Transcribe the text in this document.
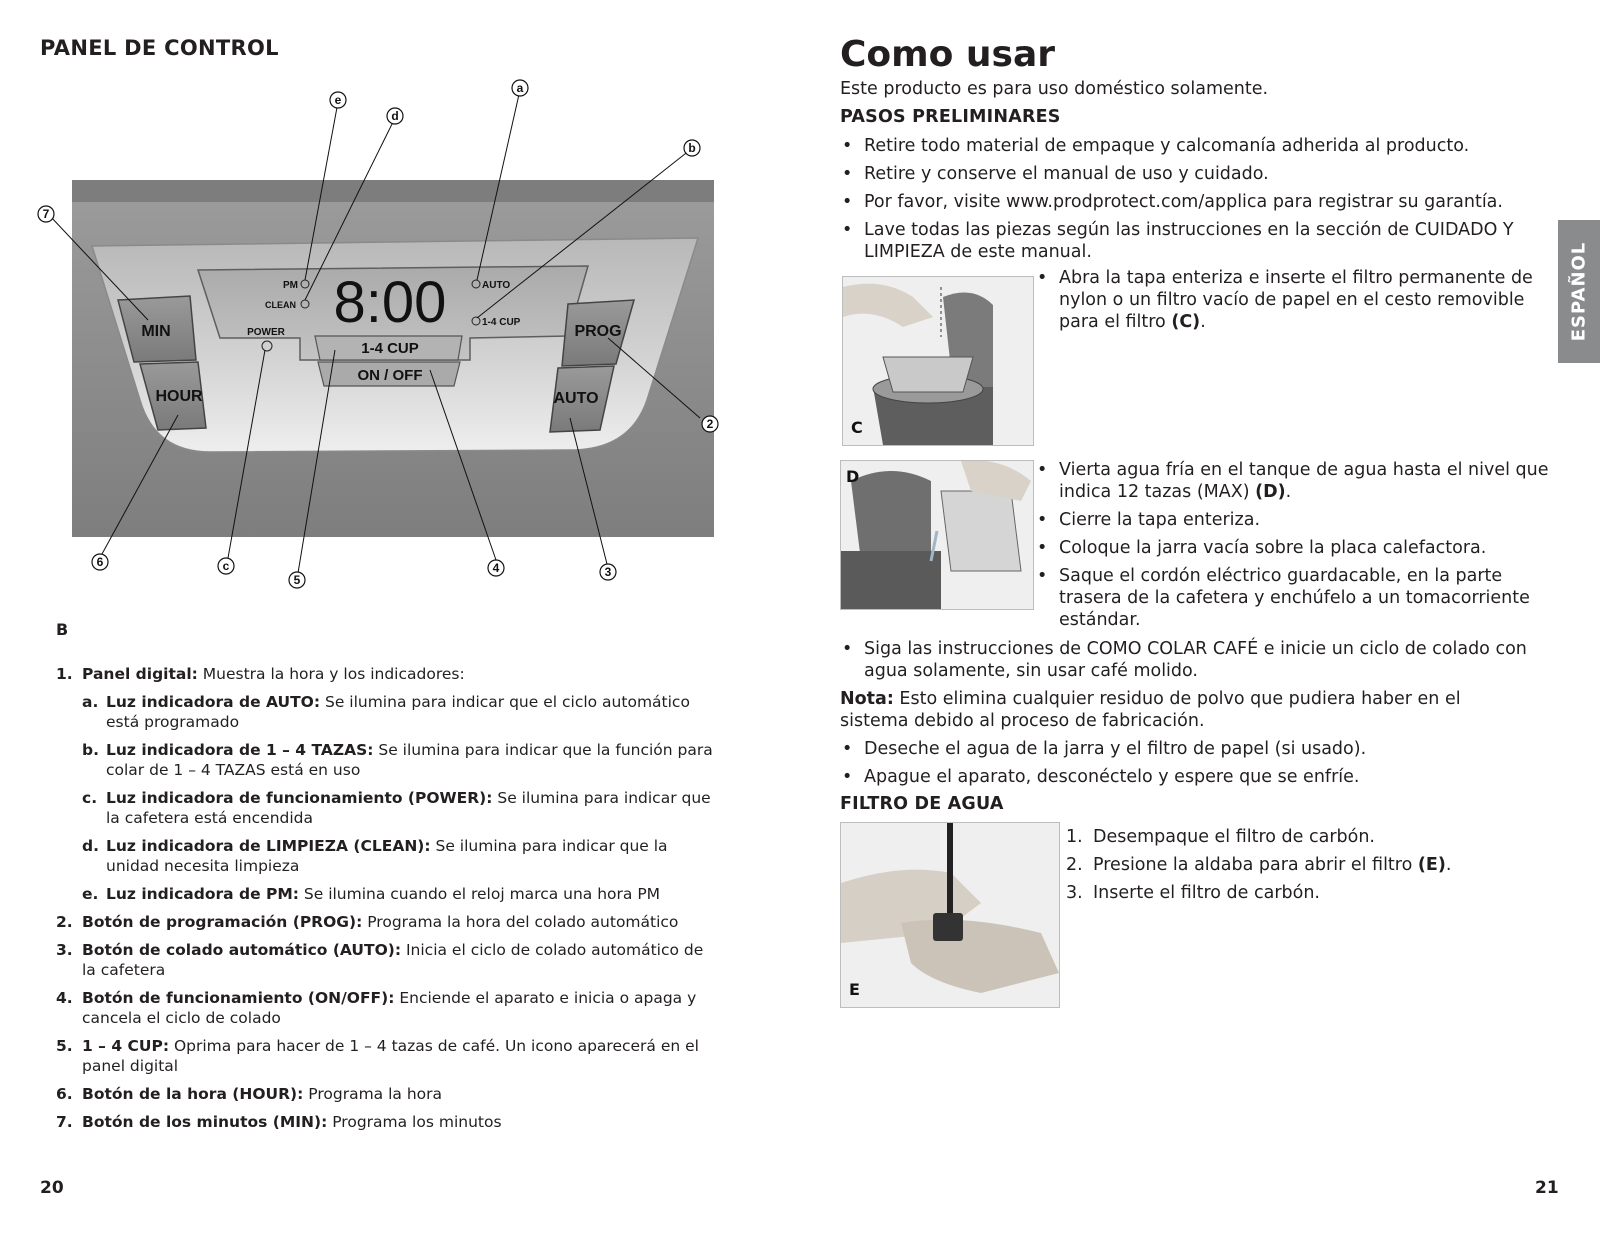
PANEL DE CONTROL
8:00
PM
CLEAN
POWER
AUTO
1-4 CUP
1-4 CUP
ON / OFF
MIN
HOUR
PROG
AUTO
e
d
a
b
7
2
6	c
5
4	3
B
1. Panel digital: Muestra la hora y los indicadores:
a. Luz indicadora de AUTO: Se ilumina para indicar que el ciclo automático está programado
b. Luz indicadora de 1 – 4 TAZAS: Se ilumina para indicar que la función para colar de 1 – 4 TAZAS está en uso
c. Luz indicadora de funcionamiento (POWER): Se ilumina para indicar que la cafetera está encendida
d. Luz indicadora de LIMPIEZA (CLEAN): Se ilumina para indicar que la unidad necesita limpieza
e. Luz indicadora de PM: Se ilumina cuando el reloj marca una hora PM
2. Botón de programación (PROG): Programa la hora del colado automático
3. Botón de colado automático (AUTO): Inicia el ciclo de colado automático de la cafetera
4. Botón de funcionamiento (ON/OFF): Enciende el aparato e inicia o apaga y cancela el ciclo de colado
5. 1 – 4 CUP: Oprima para hacer de 1 – 4 tazas de café. Un icono aparecerá en el panel digital
6. Botón de la hora (HOUR): Programa la hora
7. Botón de los minutos (MIN): Programa los minutos
20
Como usar
Este producto es para uso doméstico solamente.
PASOS PRELIMINARES
• Retire todo material de empaque y calcomanía adherida al producto.
• Retire y conserve el manual de uso y cuidado.
• Por favor, visite www.prodprotect.com/applica para registrar su garantía.
• Lave todas las piezas según las instrucciones en la sección de CUIDADO Y LIMPIEZA de este manual.
C
• Abra la tapa enteriza e inserte el filtro permanente de nylon o un filtro vacío de papel en el cesto removible para el filtro (C).
D
•	Vierta agua fría en el tanque de agua hasta el nivel que indica 12 tazas (MAX) (D).
• Cierre la tapa enteriza.
• Coloque la jarra vacía sobre la placa calefactora.
• Saque el cordón eléctrico guardacable, en la parte trasera de la cafetera y enchúfelo a un tomacorriente estándar.
• Siga las instrucciones de COMO COLAR CAFÉ e inicie un ciclo de colado con agua solamente, sin usar café molido.
Nota: Esto elimina cualquier residuo de polvo que pudiera haber en el sistema debido al proceso de fabricación.
• Deseche el agua de la jarra y el filtro de papel (si usado).
• Apague el aparato, desconéctelo y espere que se enfríe.
FILTRO DE AGUA
E
1. Desempaque el filtro de carbón.
2. Presione la aldaba para abrir el filtro (E).
3. Inserte el filtro de carbón.
ESPAÑOL
21
